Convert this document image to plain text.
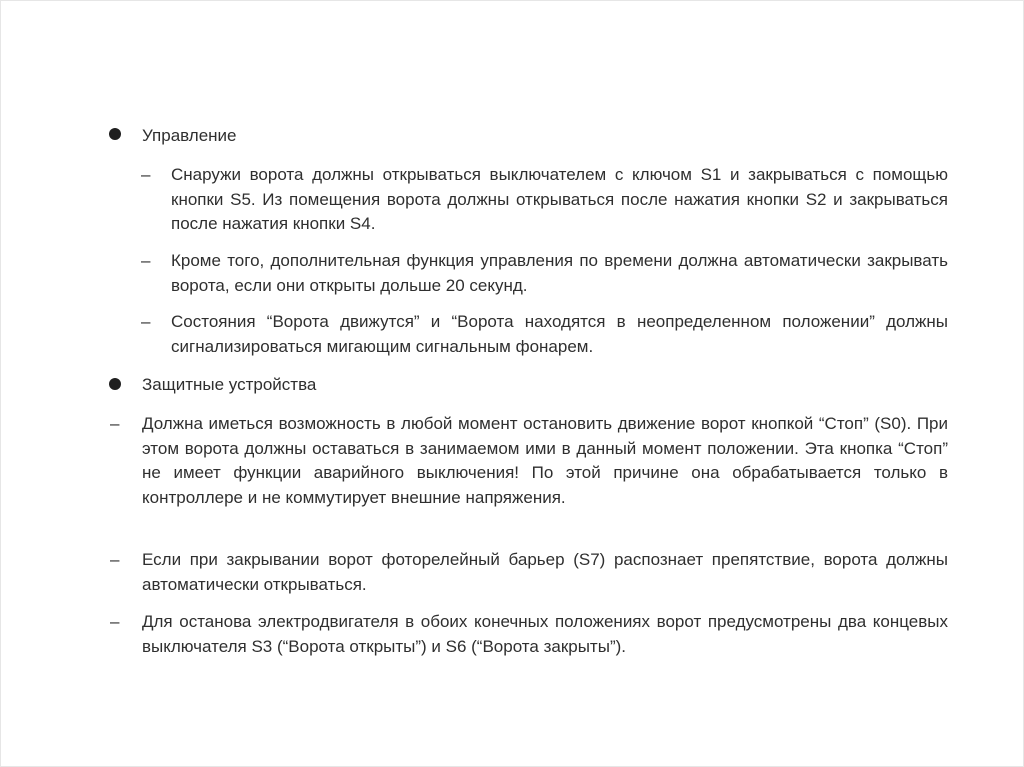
Управление
– Снаружи ворота должны открываться выключателем с ключом S1 и закрываться с помощью кнопки S5. Из помещения ворота должны открываться после нажатия кнопки S2 и закрываться после нажатия кнопки S4.
– Кроме того, дополнительная функция управления по времени должна автоматически закрывать ворота, если они открыты дольше 20 секунд.
– Состояния “Ворота движутся” и “Ворота находятся в неопределенном положении” должны сигнализироваться мигающим сигнальным фонарем.
Защитные устройства
– Должна иметься возможность в любой момент остановить движение ворот кнопкой “Стоп” (S0). При этом ворота должны оставаться в занимаемом ими в данный момент положении. Эта кнопка “Стоп” не имеет функции аварийного выключения! По этой причине она обрабатывается только в контроллере и не коммутирует внешние напряжения.
– Если при закрывании ворот фоторелейный барьер (S7) распознает препятствие, ворота должны автоматически открываться.
– Для останова электродвигателя в обоих конечных положениях ворот предусмотрены два концевых выключателя S3 (“Ворота открыты”) и S6 (“Ворота закрыты”).
